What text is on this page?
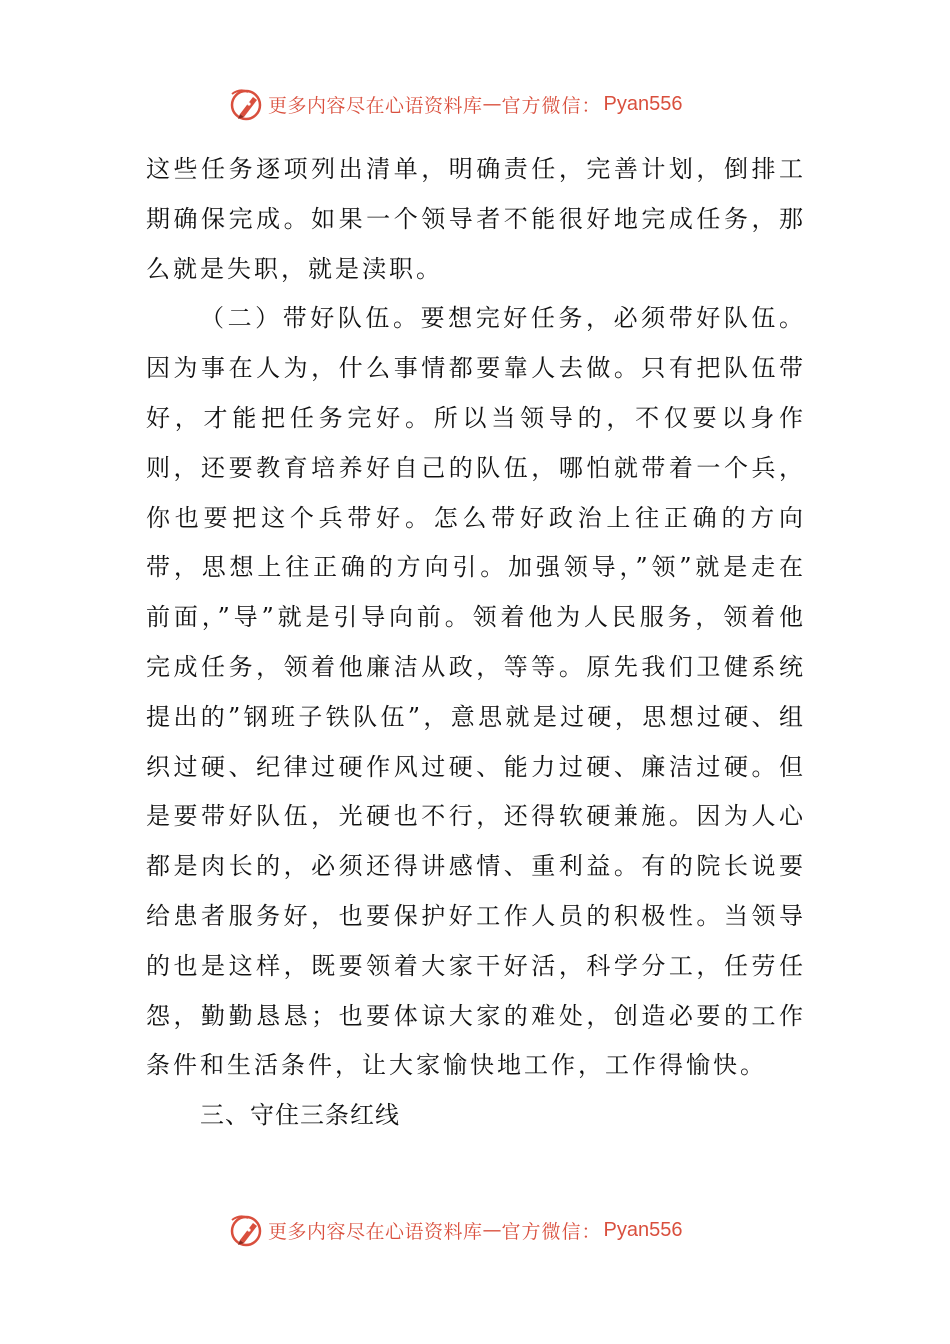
更多内容尽在心语资料库 — 官方微信： Pyan556

这些任务逐项列出清单，明确责任，完善计划，倒排工期确保完成。如果一个领导者不能很好地完成任务，那么就是失职，就是渎职。

（二）带好队伍。要想完好任务，必须带好队伍。因为事在人为，什么事情都要靠人去做。只有把队伍带好，才能把任务完好。所以当领导的，不仅要以身作则，还要教育培养好自己的队伍，哪怕就带着一个兵，你也要把这个兵带好。怎么带好政治上往正确的方向带，思想上往正确的方向引。加强领导，”领”就是走在前面，”导”就是引导向前。领着他为人民服务，领着他完成任务，领着他廉洁从政，等等。原先我们卫健系统提出的”钢班子铁队伍”，意思就是过硬，思想过硬、组织过硬、纪律过硬作风过硬、能力过硬、廉洁过硬。但是要带好队伍，光硬也不行，还得软硬兼施。因为人心都是肉长的，必须还得讲感情、重利益。有的院长说要给患者服务好，也要保护好工作人员的积极性。当领导的也是这样，既要领着大家干好活，科学分工，任劳任怨，勤勤恳恳；也要体谅大家的难处，创造必要的工作条件和生活条件，让大家愉快地工作，工作得愉快。

三、守住三条红线
更多内容尽在心语资料库 — 官方微信： Pyan556
